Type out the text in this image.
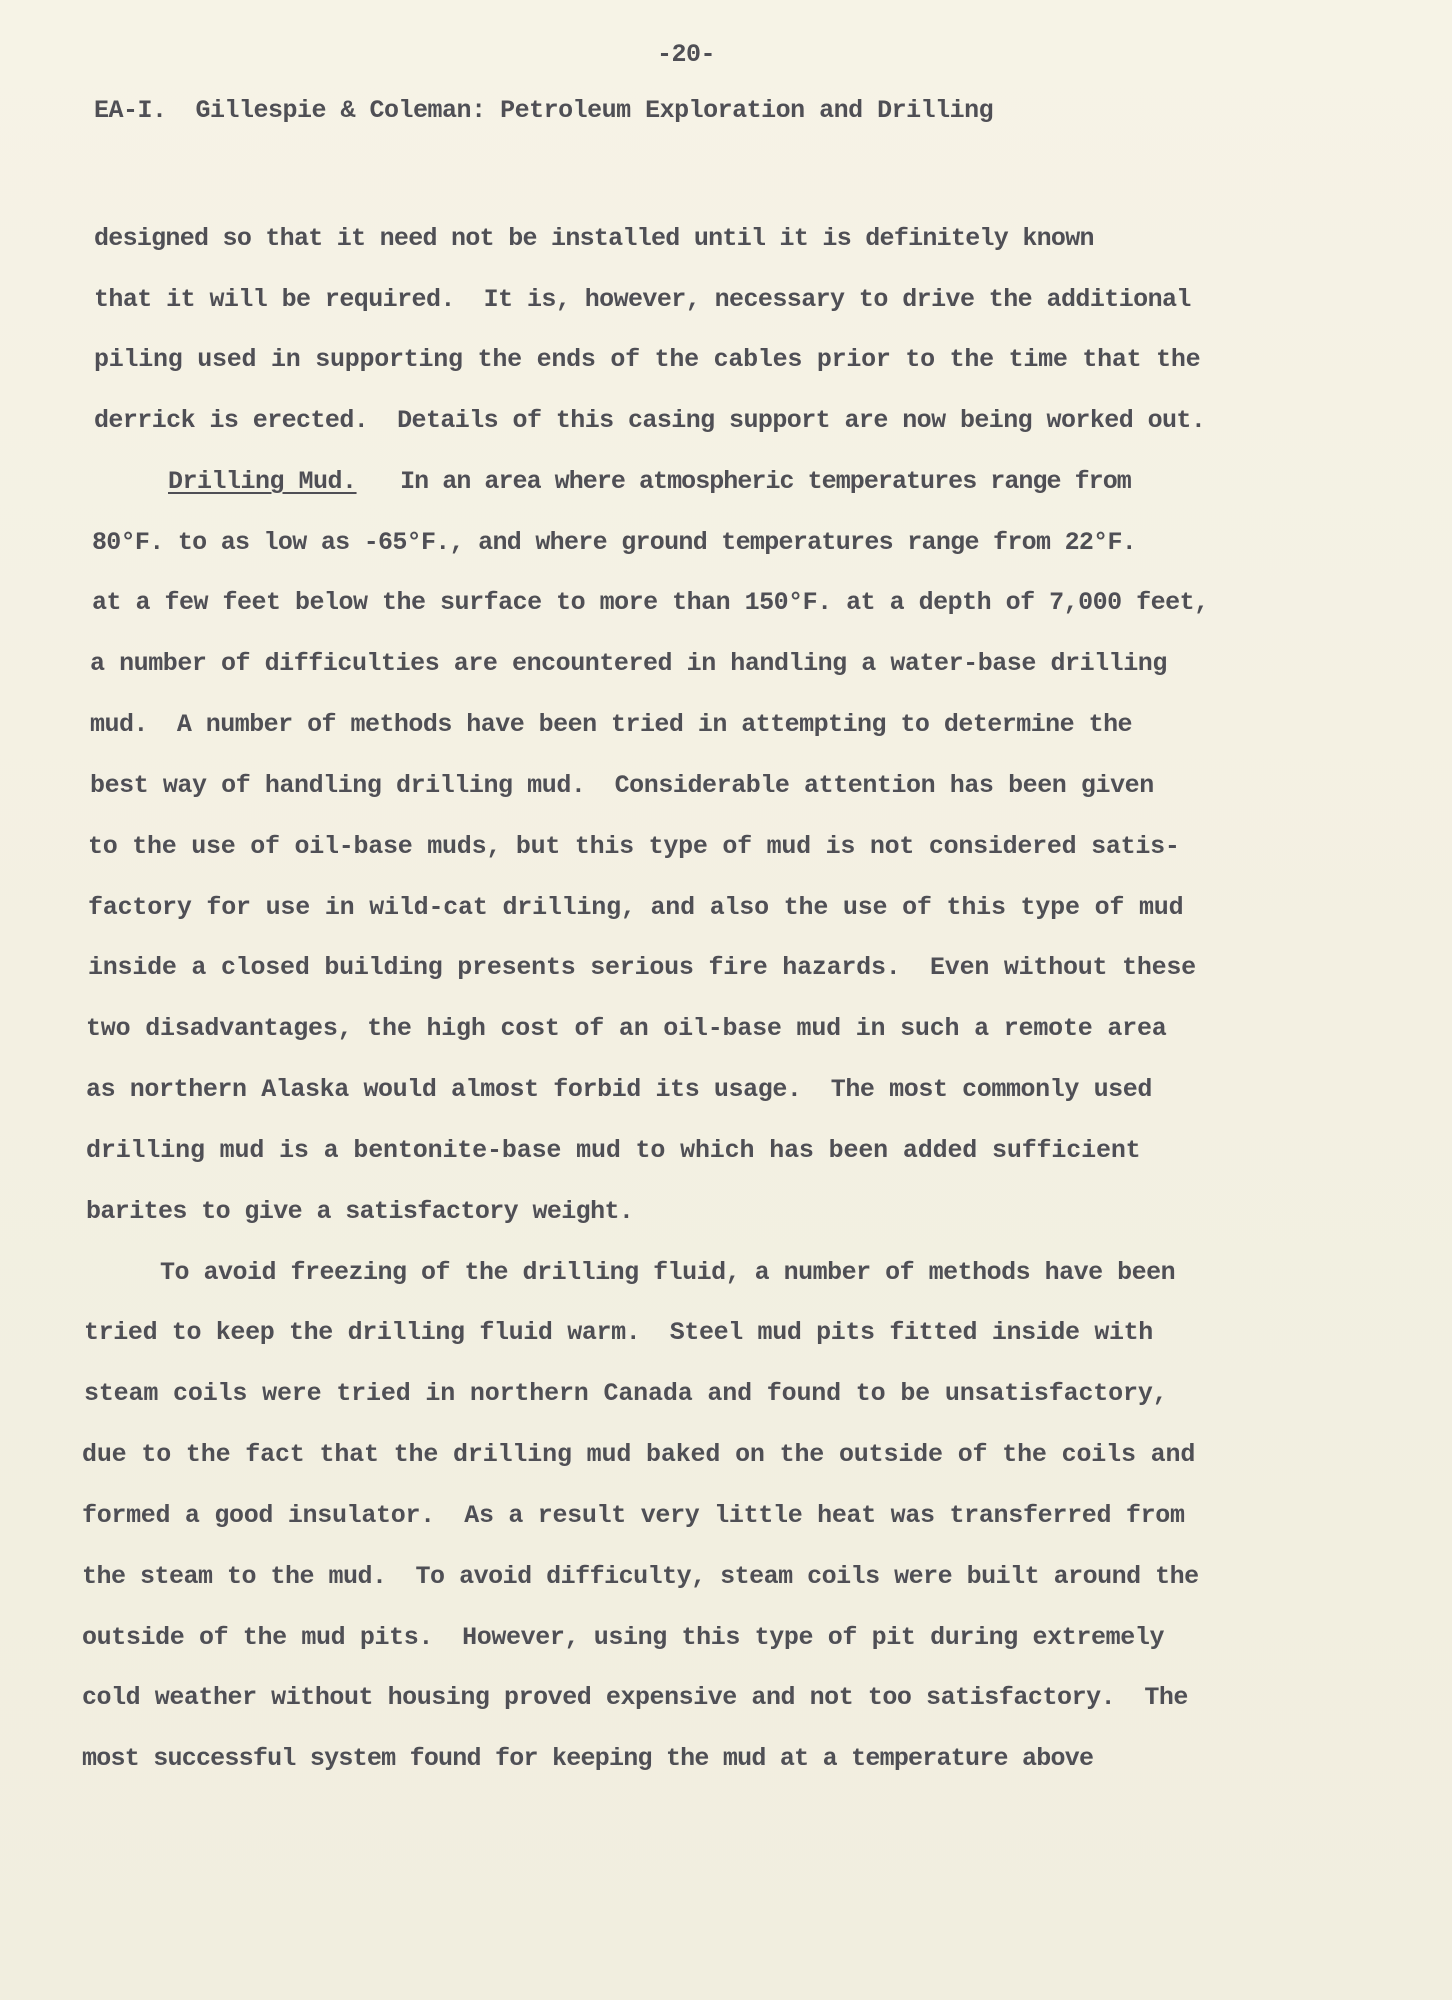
-20-
EA-I.  Gillespie & Coleman: Petroleum Exploration and Drilling
designed so that it need not be installed until it is definitely known
that it will be required.  It is, however, necessary to drive the additional
piling used in supporting the ends of the cables prior to the time that the
derrick is erected.  Details of this casing support are now being worked out.
Drilling Mud. In an area where atmospheric temperatures range from
80°F. to as low as -65°F., and where ground temperatures range from 22°F.
at a few feet below the surface to more than 150°F. at a depth of 7,000 feet,
a number of difficulties are encountered in handling a water-base drilling
mud.  A number of methods have been tried in attempting to determine the
best way of handling drilling mud.  Considerable attention has been given
to the use of oil-base muds, but this type of mud is not considered satis-
factory for use in wild-cat drilling, and also the use of this type of mud
inside a closed building presents serious fire hazards.  Even without these
two disadvantages, the high cost of an oil-base mud in such a remote area
as northern Alaska would almost forbid its usage.  The most commonly used
drilling mud is a bentonite-base mud to which has been added sufficient
barites to give a satisfactory weight.
To avoid freezing of the drilling fluid, a number of methods have been
tried to keep the drilling fluid warm.  Steel mud pits fitted inside with
steam coils were tried in northern Canada and found to be unsatisfactory,
due to the fact that the drilling mud baked on the outside of the coils and
formed a good insulator.  As a result very little heat was transferred from
the steam to the mud.  To avoid difficulty, steam coils were built around the
outside of the mud pits.  However, using this type of pit during extremely
cold weather without housing proved expensive and not too satisfactory.  The
most successful system found for keeping the mud at a temperature above
